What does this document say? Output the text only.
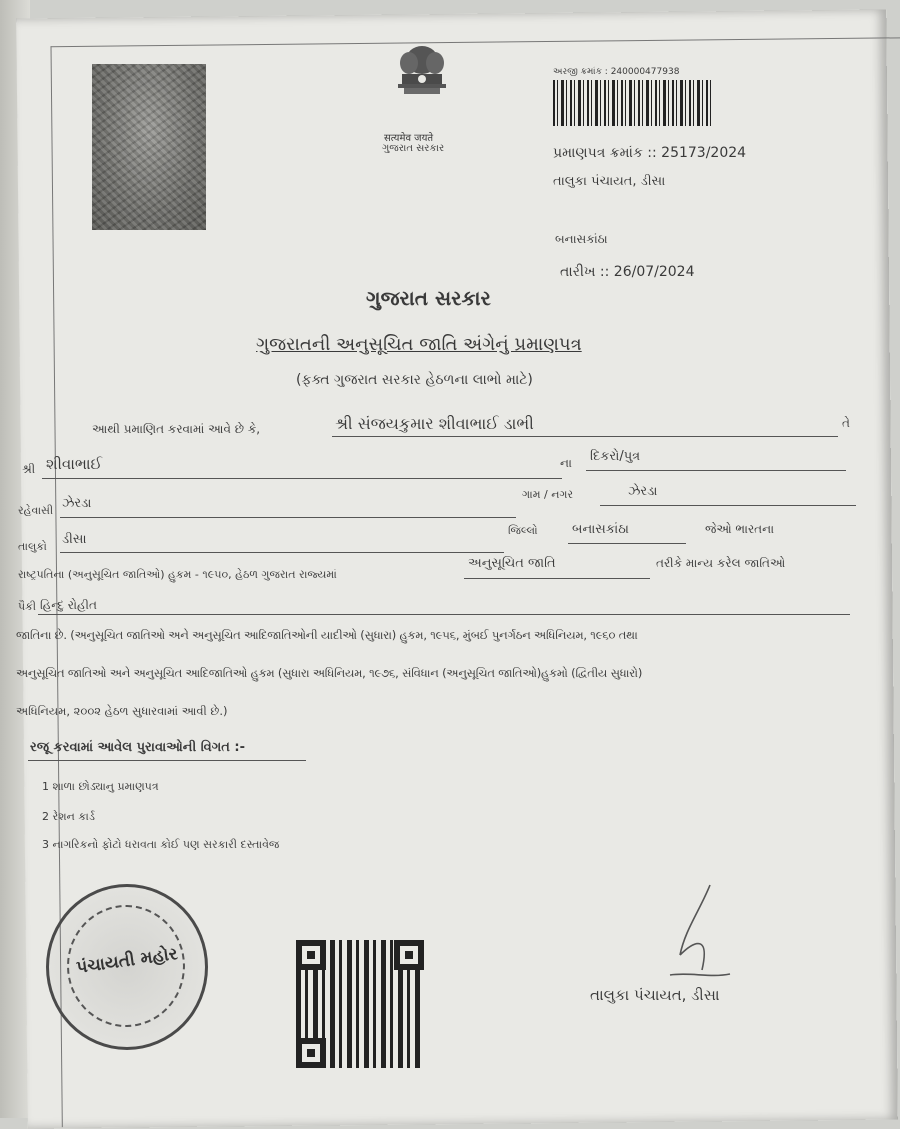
सत्यमेव जयते
ગુજરાત સરકાર
અરજી ક્રમાંક : 240000477938
પ્રમાણપત્ર ક્રમાંક :: 25173/2024
તાલુકા પંચાયત, ડીસા
બનાસકાંઠા
તારીખ :: 26/07/2024
ગુજરાત સરકાર
ગુજરાતની અનુસૂચિત જાતિ અંગેનું પ્રમાણપત્ર
(ફક્ત ગુજરાત સરકાર હેઠળના લાભો માટે)
આથી પ્રમાણિત કરવામાં આવે છે કે,	શ્રી સંજયકુમાર શીવાભાઈ ડાભી	તે
શ્રી શીવાભાઈ	ના દિકરો/પુત્ર
રહેવાસી ઝેરડા
ગામ / નગર	ઝેરડા
તાલુકો ડીસા
જિલ્લો	બનાસકાંઠા	જેઓ ભારતના
રાષ્ટ્રપતિના (અનુસૂચિત જાતિઓ) હુકમ - ૧૯૫૦, હેઠળ ગુજરાત રાજ્યમાં
અનુસૂચિત જાતિ	તરીકે માન્ય કરેલ જાતિઓ
પૈકી હિન્દુ રોહીત
જાતિના છે. (અનુસૂચિત જાતિઓ અને અનુસૂચિત આદિજાતિઓની યાદીઓ (સુધારા) હુકમ, ૧૯૫૬, મુંબઈ પુનર્ગઠન અધિનિયમ, ૧૯૬૦ તથા
અનુસૂચિત જાતિઓ અને અનુસૂચિત આદિજાતિઓ હુકમ (સુધારા અધિનિયમ, ૧૯૭૬, સંવિધાન (અનુસૂચિત જાતિઓ)હુકમો (દ્વિતીય સુધારો)
અધિનિયમ, ૨૦૦૨ હેઠળ સુધારવામાં આવી છે.)
રજૂ કરવામાં આવેલ પુરાવાઓની વિગત :-
1 શાળા છોડ્યાનુ પ્રમાણપત્ર
2 રેશન કાર્ડ
3 નાગરિકનો ફોટો ધરાવતા કોઈ પણ સરકારી દસ્તાવેજ
પંચાયતી મહોર
તાલુકા પંચાયત, ડીસા
